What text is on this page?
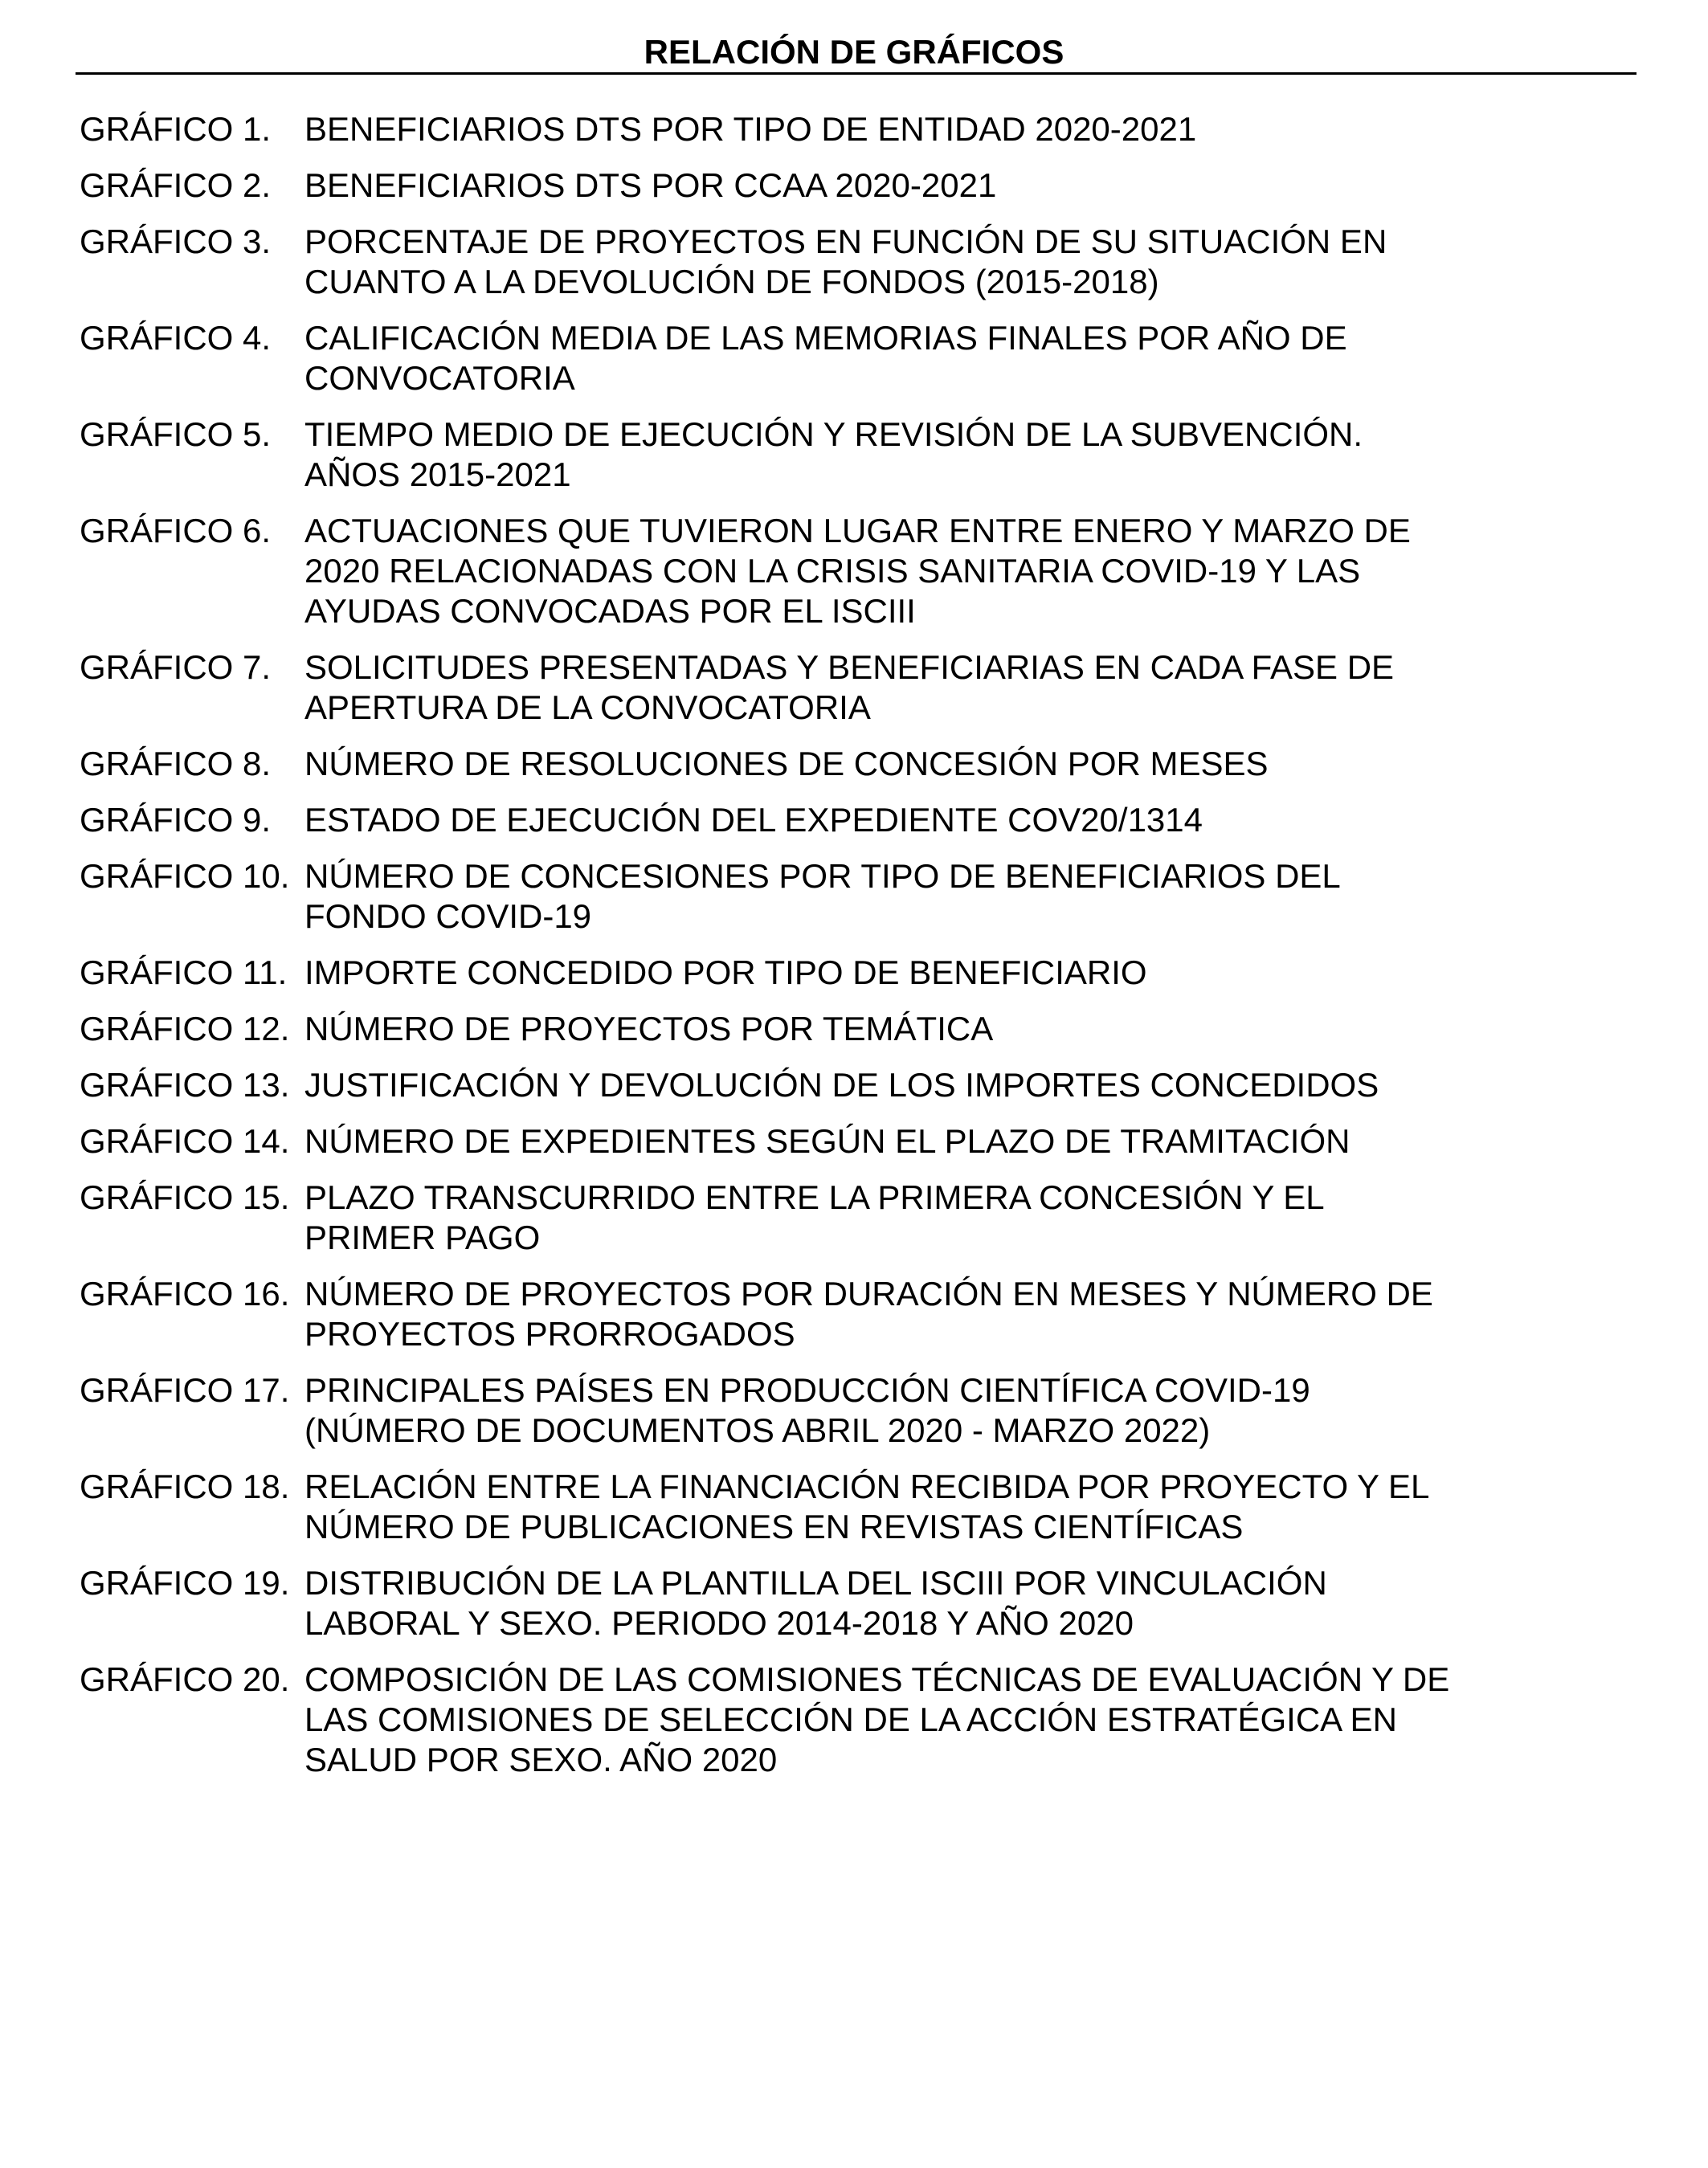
RELACIÓN DE GRÁFICOS
GRÁFICO 1. BENEFICIARIOS DTS POR TIPO DE ENTIDAD 2020-2021
GRÁFICO 2. BENEFICIARIOS DTS POR CCAA 2020-2021
GRÁFICO 3. PORCENTAJE DE PROYECTOS EN FUNCIÓN DE SU SITUACIÓN EN
CUANTO A LA DEVOLUCIÓN DE FONDOS (2015-2018)
GRÁFICO 4. CALIFICACIÓN MEDIA DE LAS MEMORIAS FINALES POR AÑO DE
CONVOCATORIA
GRÁFICO 5. TIEMPO MEDIO DE EJECUCIÓN Y REVISIÓN DE LA SUBVENCIÓN.
AÑOS 2015-2021
GRÁFICO 6. ACTUACIONES QUE TUVIERON LUGAR ENTRE ENERO Y MARZO DE
2020 RELACIONADAS CON LA CRISIS SANITARIA COVID-19 Y LAS
AYUDAS CONVOCADAS POR EL ISCIII
GRÁFICO 7. SOLICITUDES PRESENTADAS Y BENEFICIARIAS EN CADA FASE DE
APERTURA DE LA CONVOCATORIA
GRÁFICO 8. NÚMERO DE RESOLUCIONES DE CONCESIÓN POR MESES
GRÁFICO 9. ESTADO DE EJECUCIÓN DEL EXPEDIENTE COV20/1314
GRÁFICO 10. NÚMERO DE CONCESIONES POR TIPO DE BENEFICIARIOS DEL
FONDO COVID-19
GRÁFICO 11. IMPORTE CONCEDIDO POR TIPO DE BENEFICIARIO
GRÁFICO 12. NÚMERO DE PROYECTOS POR TEMÁTICA
GRÁFICO 13. JUSTIFICACIÓN Y DEVOLUCIÓN DE LOS IMPORTES CONCEDIDOS
GRÁFICO 14. NÚMERO DE EXPEDIENTES SEGÚN EL PLAZO DE TRAMITACIÓN
GRÁFICO 15. PLAZO TRANSCURRIDO ENTRE LA PRIMERA CONCESIÓN Y EL
PRIMER PAGO
GRÁFICO 16. NÚMERO DE PROYECTOS POR DURACIÓN EN MESES Y NÚMERO DE
PROYECTOS PRORROGADOS
GRÁFICO 17. PRINCIPALES PAÍSES EN PRODUCCIÓN CIENTÍFICA COVID-19
(NÚMERO DE DOCUMENTOS ABRIL 2020 - MARZO 2022)
GRÁFICO 18. RELACIÓN ENTRE LA FINANCIACIÓN RECIBIDA POR PROYECTO Y EL
NÚMERO DE PUBLICACIONES EN REVISTAS CIENTÍFICAS
GRÁFICO 19. DISTRIBUCIÓN DE LA PLANTILLA DEL ISCIII POR VINCULACIÓN
LABORAL Y SEXO. PERIODO 2014-2018 Y AÑO 2020
GRÁFICO 20. COMPOSICIÓN DE LAS COMISIONES TÉCNICAS DE EVALUACIÓN Y DE
LAS COMISIONES DE SELECCIÓN DE LA ACCIÓN ESTRATÉGICA EN
SALUD POR SEXO. AÑO 2020
